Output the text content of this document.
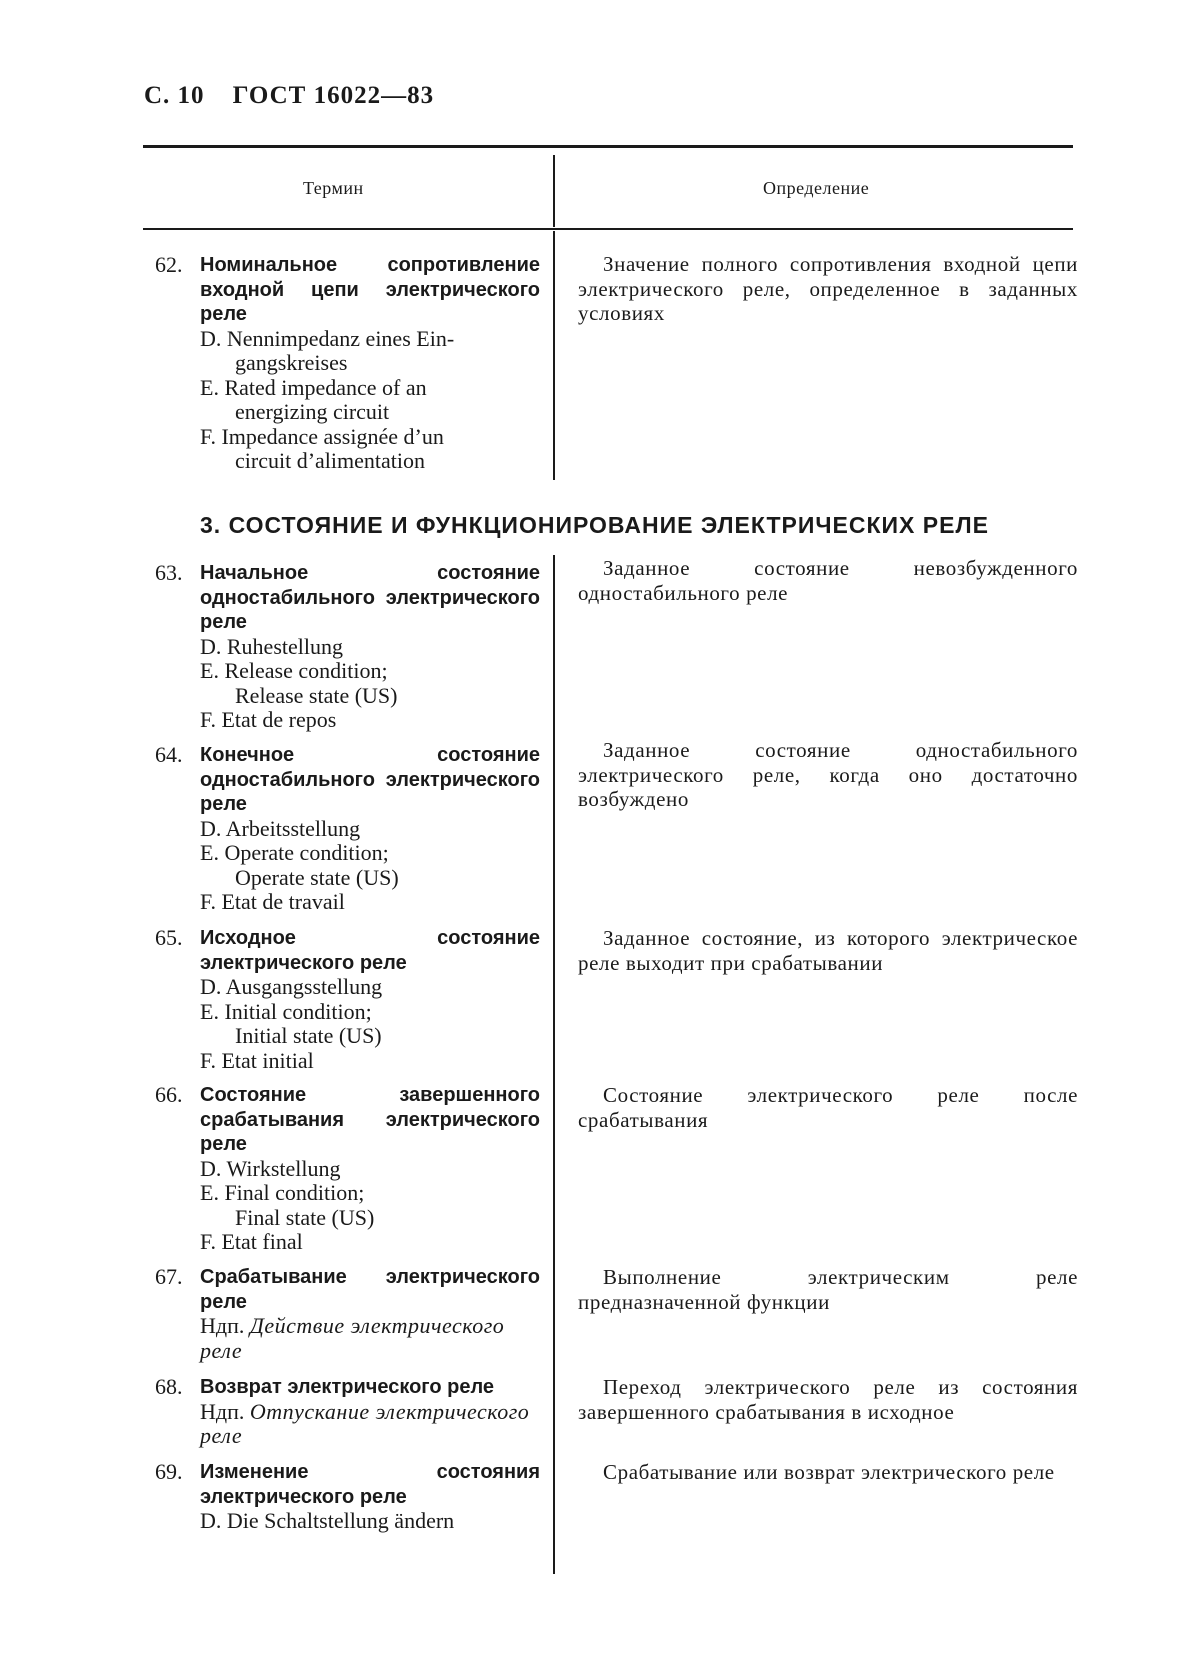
С. 10 ГОСТ 16022—83
Термин	Определение
62. Номинальное сопротивление входной цепи электрического реле
D. Nennimpedanz eines Ein-
gangskreises
E. Rated impedance of an
energizing circuit
F. Impedance assignée d’un
circuit d’alimentation
Значение полного сопротивления входной цепи электрического реле, определенное в заданных условиях
3. СОСТОЯНИЕ И ФУНКЦИОНИРОВАНИЕ ЭЛЕКТРИЧЕСКИХ РЕЛЕ
63. Начальное состояние одностабильного электрического реле
D. Ruhestellung
E. Release condition;
Release state (US)
F. Etat de repos
Заданное состояние невозбужденного одностабильного реле
64. Конечное состояние одностабильного электрического реле
D. Arbeitsstellung
E. Operate condition;
Operate state (US)
F. Etat de travail
Заданное состояние одностабильного электрического реле, когда оно достаточно возбуждено
65. Исходное состояние электрического реле
D. Ausgangsstellung
E. Initial condition;
Initial state (US)
F. Etat initial
Заданное состояние, из которого электрическое реле выходит при срабатывании
66. Состояние завершенного срабатывания электрического реле
D. Wirkstellung
E. Final condition;
Final state (US)
F. Etat final
Состояние электрического реле после срабатывания
67. Срабатывание электрического реле
Ндп. Действие электрического реле
Выполнение электрическим реле предназначенной функции
68. Возврат электрического реле
Ндп. Отпускание электрического реле
Переход электрического реле из состояния завершенного срабатывания в исходное
69. Изменение состояния электрического реле
D. Die Schaltstellung ändern
Срабатывание или возврат электрического реле
